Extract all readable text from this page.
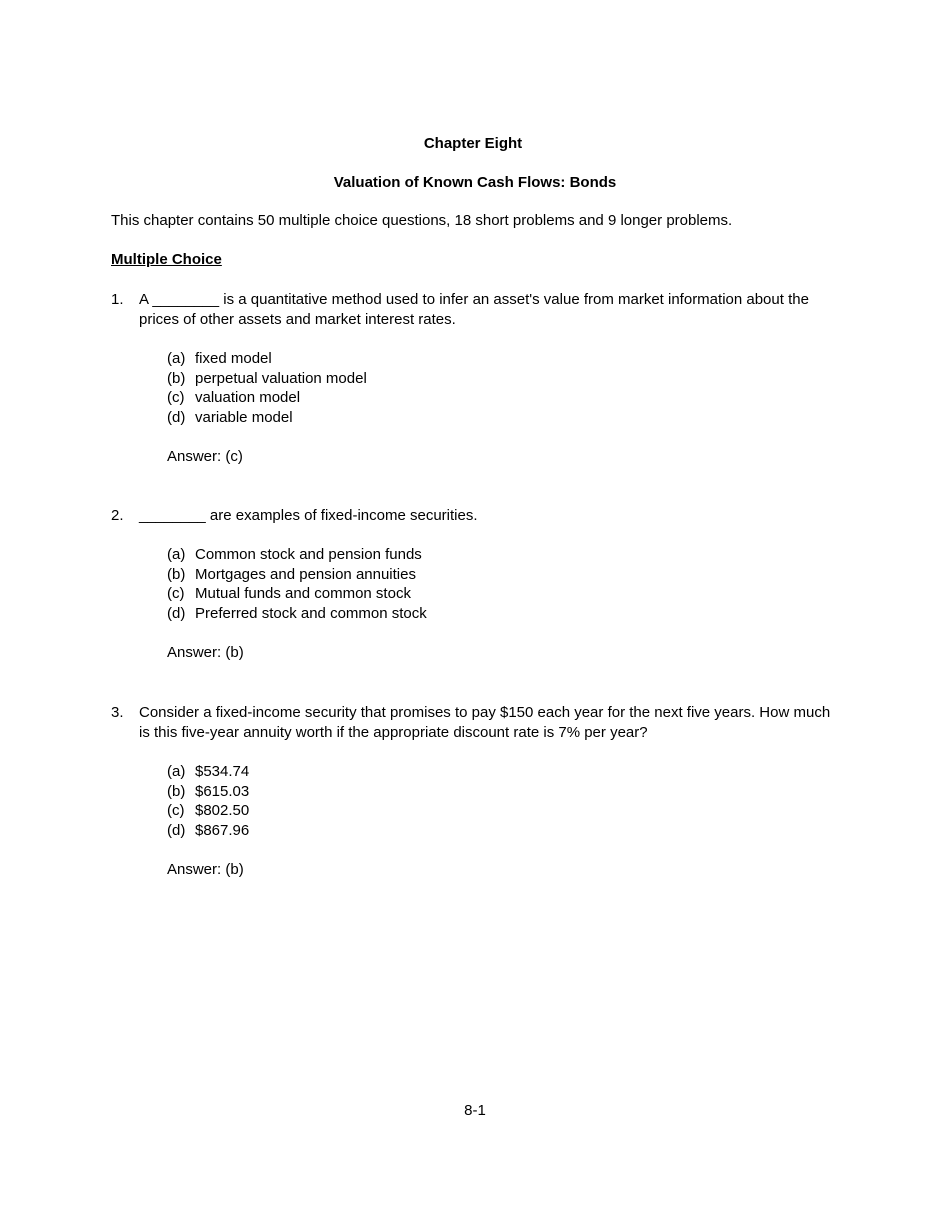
Chapter Eight
Valuation of Known Cash Flows: Bonds
This chapter contains 50 multiple choice questions, 18 short problems and 9 longer problems.
Multiple Choice
1. A ________ is a quantitative method used to infer an asset's value from market information about the prices of other assets and market interest rates.
(a) fixed model
(b) perpetual valuation model
(c) valuation model
(d) variable model
Answer: (c)
2. ________ are examples of fixed-income securities.
(a) Common stock and pension funds
(b) Mortgages and pension annuities
(c) Mutual funds and common stock
(d) Preferred stock and common stock
Answer: (b)
3. Consider a fixed-income security that promises to pay $150 each year for the next five years. How much is this five-year annuity worth if the appropriate discount rate is 7% per year?
(a) $534.74
(b) $615.03
(c) $802.50
(d) $867.96
Answer: (b)
8-1
